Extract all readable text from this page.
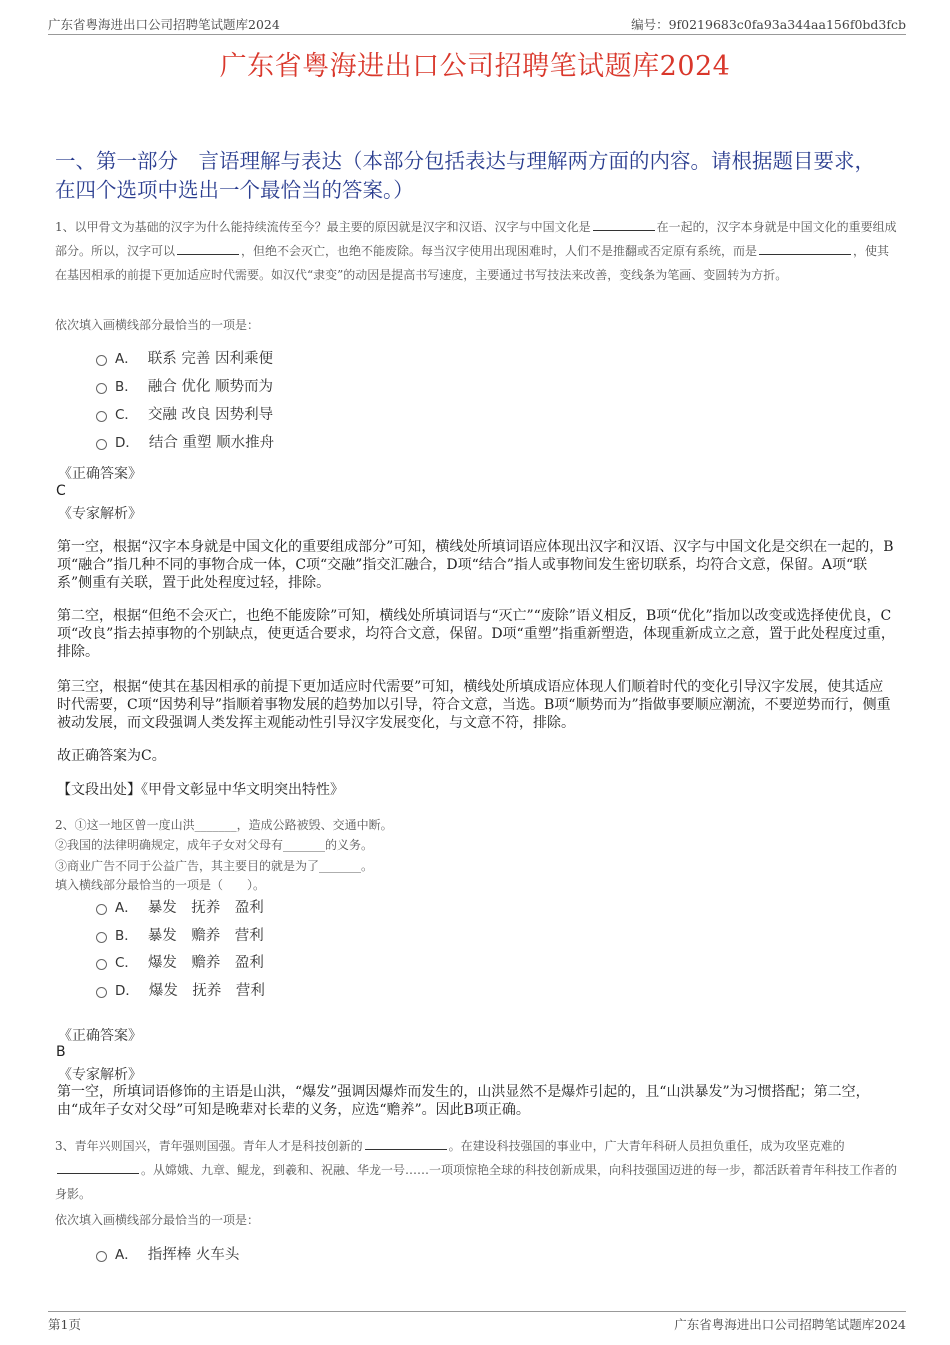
广东省粤海进出口公司招聘笔试题库2024	编号：9f0219683c0fa93a344aa156f0bd3fcb
广东省粤海进出口公司招聘笔试题库2024
一、第一部分　言语理解与表达（本部分包括表达与理解两方面的内容。请根据题目要求，在四个选项中选出一个最恰当的答案。）
1、以甲骨文为基础的汉字为什么能持续流传至今？最主要的原因就是汉字和汉语、汉字与中国文化是	在一起的，汉字本身就是中国文化的重要组成部分。所以，汉字可以	，但绝不会灭亡，也绝不能废除。每当汉字使用出现困难时，人们不是推翻或否定原有系统，而是	，使其在基因相承的前提下更加适应时代需要。如汉代“隶变”的动因是提高书写速度，主要通过书写技法来改善，变线条为笔画、变圆转为方折。
依次填入画横线部分最恰当的一项是：
A． 联系 完善 因利乘便
B． 融合 优化 顺势而为
C． 交融 改良 因势利导
D． 结合 重塑 顺水推舟
《正确答案》
C
《专家解析》
第一空，根据“汉字本身就是中国文化的重要组成部分”可知，横线处所填词语应体现出汉字和汉语、汉字与中国文化是交织在一起的，B项“融合”指几种不同的事物合成一体，C项“交融”指交汇融合，D项“结合”指人或事物间发生密切联系，均符合文意，保留。A项“联系”侧重有关联，置于此处程度过轻，排除。
第二空，根据“但绝不会灭亡，也绝不能废除”可知，横线处所填词语与“灭亡”“废除”语义相反，B项“优化”指加以改变或选择使优良，C项“改良”指去掉事物的个别缺点，使更适合要求，均符合文意，保留。D项“重塑”指重新塑造，体现重新成立之意，置于此处程度过重，排除。
第三空，根据“使其在基因相承的前提下更加适应时代需要”可知，横线处所填成语应体现人们顺着时代的变化引导汉字发展，使其适应时代需要，C项“因势利导”指顺着事物发展的趋势加以引导，符合文意，当选。B项“顺势而为”指做事要顺应潮流，不要逆势而行，侧重被动发展，而文段强调人类发挥主观能动性引导汉字发展变化，与文意不符，排除。
故正确答案为C。
【文段出处】《甲骨文彰显中华文明突出特性》
2、①这一地区曾一度山洪_______，造成公路被毁、交通中断。
②我国的法律明确规定，成年子女对父母有_______的义务。
③商业广告不同于公益广告，其主要目的就是为了_______。
填入横线部分最恰当的一项是（　　）。
A． 暴发　抚养　盈利
B． 暴发　赡养　营利
C． 爆发　赡养　盈利
D． 爆发　抚养　营利
《正确答案》
B
《专家解析》
第一空，所填词语修饰的主语是山洪，“爆发”强调因爆炸而发生的，山洪显然不是爆炸引起的，且“山洪暴发”为习惯搭配；第二空，由“成年子女对父母”可知是晚辈对长辈的义务，应选“赡养”。因此B项正确。
3、青年兴则国兴，青年强则国强。青年人才是科技创新的	。在建设科技强国的事业中，广大青年科研人员担负重任，成为攻坚克难的。从嫦娥、九章、鲲龙，到羲和、祝融、华龙一号……一项项惊艳全球的科技创新成果，向科技强国迈进的每一步，都活跃着青年科技工作者的身影。
依次填入画横线部分最恰当的一项是：
A． 指挥棒 火车头
第1页	广东省粤海进出口公司招聘笔试题库2024
